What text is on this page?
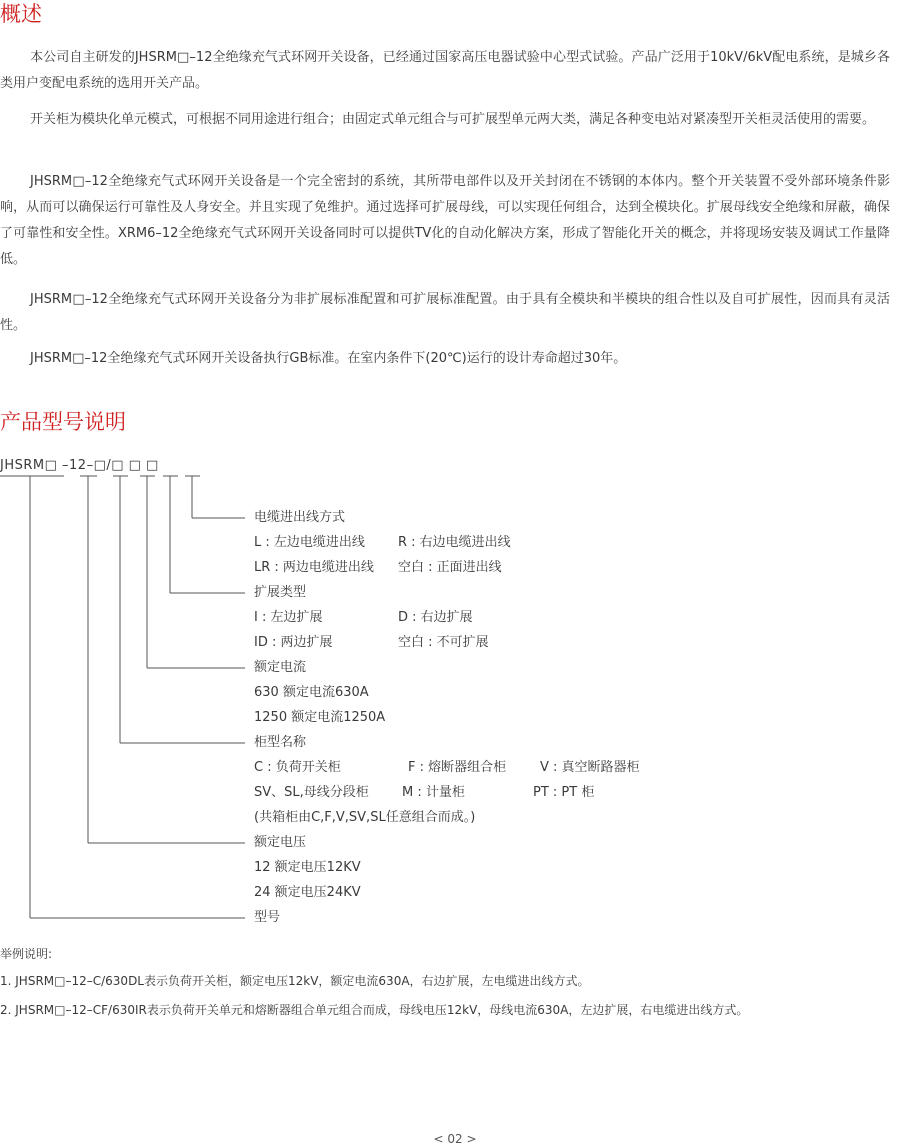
概述

本公司自主研发的JHSRM□–12全绝缘充气式环网开关设备，已经通过国家高压电器试验中心型式试验。产品广泛用于10kV/6kV配电系统，是城乡各类用户变配电系统的选用开关产品。

开关柜为模块化单元模式，可根据不同用途进行组合；由固定式单元组合与可扩展型单元两大类，满足各种变电站对紧凑型开关柜灵活使用的需要。

JHSRM□–12全绝缘充气式环网开关设备是一个完全密封的系统，其所带电部件以及开关封闭在不锈钢的本体内。整个开关装置不受外部环境条件影响，从而可以确保运行可靠性及人身安全。并且实现了免维护。通过选择可扩展母线，可以实现任何组合，达到全模块化。扩展母线安全绝缘和屏蔽，确保了可靠性和安全性。XRM6–12全绝缘充气式环网开关设备同时可以提供TV化的自动化解决方案，形成了智能化开关的概念，并将现场安装及调试工作量降低。

JHSRM□–12全绝缘充气式环网开关设备分为非扩展标准配置和可扩展标准配置。由于具有全模块和半模块的组合性以及自可扩展性，因而具有灵活性。

JHSRM□–12全绝缘充气式环网开关设备执行GB标准。在室内条件下(20℃)运行的设计寿命超过30年。

产品型号说明
JHSRM□ –12–□/□ □ □
电缆进出线方式
L : 左边电缆进出线	R : 右边电缆进出线
LR : 两边电缆进出线 空白 : 正面进出线
扩展类型
I : 左边扩展	D : 右边扩展
ID : 两边扩展	空白 : 不可扩展
额定电流
630 额定电流630A
1250 额定电流1250A
柜型名称
C : 负荷开关柜	F : 熔断器组合柜	V : 真空断路器柜
SV、SL,母线分段柜	M : 计量柜	PT : PT 柜
(共箱柜由C,F,V,SV,SL任意组合而成。)
额定电压
12 额定电压12KV
24 额定电压24KV
型号
举例说明:
1. JHSRM□–12–C/630DL表示负荷开关柜，额定电压12kV，额定电流630A，右边扩展，左电缆进出线方式。
2. JHSRM□–12–CF/630IR表示负荷开关单元和熔断器组合单元组合而成，母线电压12kV，母线电流630A，左边扩展，右电缆进出线方式。
< 02 >
